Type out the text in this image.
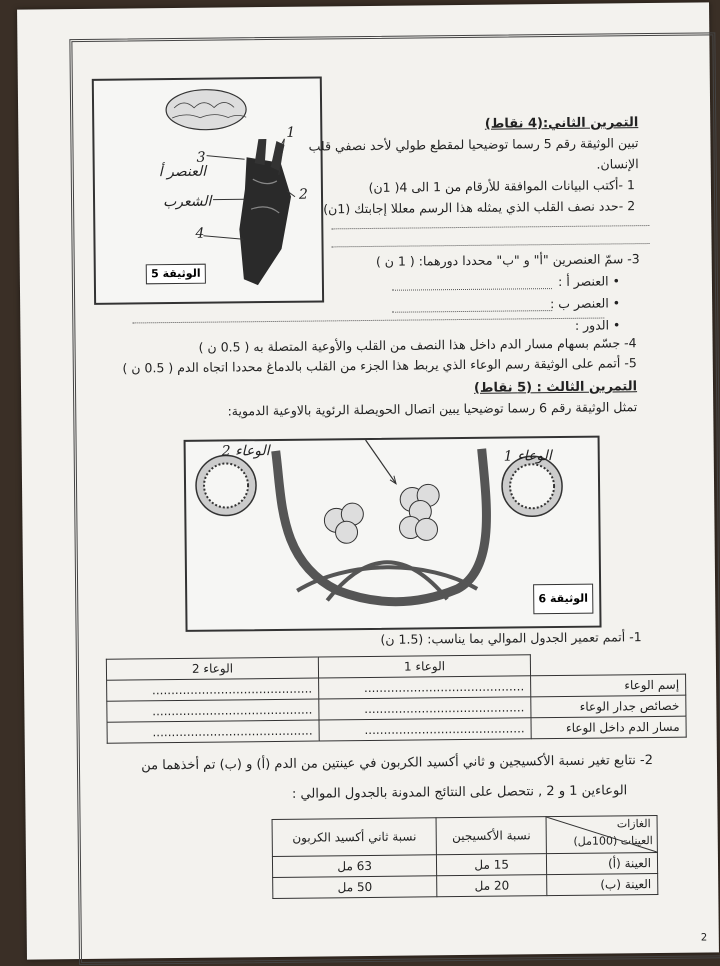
العنصر أ
الشعرب
4
3
1
2
الوثيقة 5
التمرين الثاني:(4 نقاط)
تبين الوثيقة رقم 5 رسما توضيحيا لمقطع طولي لأحد نصفي قلب
الإنسان.
1 -أكتب البيانات الموافقة للأرقام من 1 الى 4( 1ن)
2 -حدد نصف القلب الذي يمثله هذا الرسم معللا إجابتك (1ن)
3- سمّ العنصرين "أ" و "ب" محددا دورهما: ( 1 ن )
• العنصر أ :
• العنصر ب :
• الدور :
4- جسّم بسهام مسار الدم داخل هذا النصف من القلب والأوعية المتصلة به ( 0.5 ن )
5- أتمم على الوثيقة رسم الوعاء الذي يربط هذا الجزء من القلب بالدماغ محددا اتجاه الدم ( 0.5 ن )
التمرين الثالث : (5 نقاط)
تمثل الوثيقة رقم 6 رسما توضيحيا يبين اتصال الحويصلة الرئوية بالاوعية الدموية:
الوعاء 2	الوعاء 1
الوثيقة 6
1- أتمم تعمير الجدول الموالي بما يناسب: (1.5 ن)
	الوعاء 1	الوعاء 2
إسم الوعاء	..........................................	..........................................
خصائص جدار الوعاء	..........................................	..........................................
مسار الدم داخل الوعاء	..........................................	..........................................
2- نتابع تغير نسبة الأكسيجين و ثاني أكسيد الكربون في عينتين من الدم (أ) و (ب) تم أخذهما من
الوعاءين 1 و 2 , نتحصل على النتائج المدونة بالجدول الموالي :
الغازات
العينات (100مل)	نسبة الأكسيجين	نسبة ثاني أكسيد الكربون
العينة (أ)	15 مل	63 مل
العينة (ب)	20 مل	50 مل
2
